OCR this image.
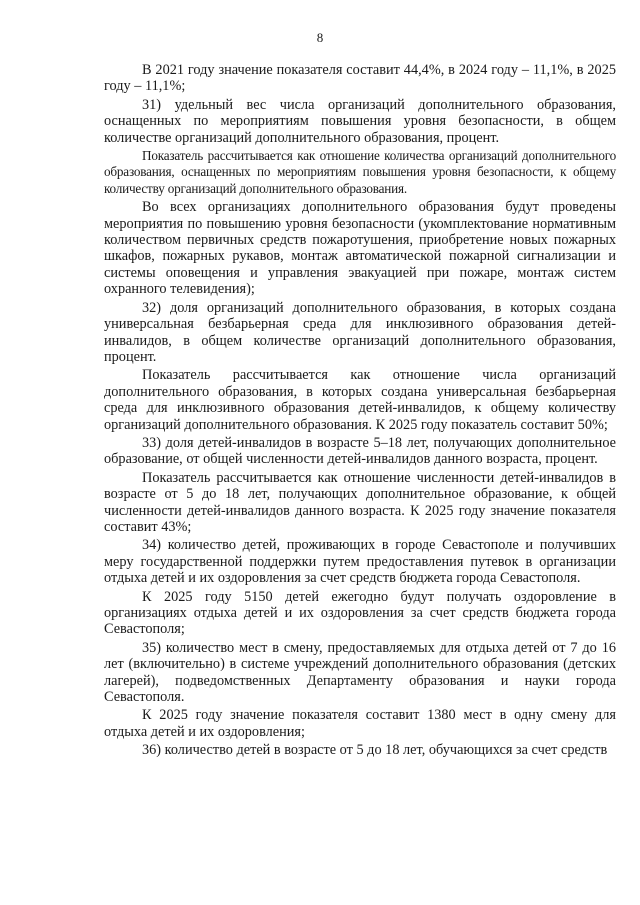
8

В 2021 году значение показателя составит 44,4%, в 2024 году – 11,1%, в 2025 году – 11,1%;

31) удельный вес числа организаций дополнительного образования, оснащенных по мероприятиям повышения уровня безопасности, в общем количестве организаций дополнительного образования, процент.

Показатель рассчитывается как отношение количества организаций дополнительного образования, оснащенных по мероприятиям повышения уровня безопасности, к общему количеству организаций дополнительного образования.

Во всех организациях дополнительного образования будут проведены мероприятия по повышению уровня безопасности (укомплектование нормативным количеством первичных средств пожаротушения, приобретение новых пожарных шкафов, пожарных рукавов, монтаж автоматической пожарной сигнализации и системы оповещения и управления эвакуацией при пожаре, монтаж систем охранного телевидения);

32) доля организаций дополнительного образования, в которых создана универсальная безбарьерная среда для инклюзивного образования детей-инвалидов, в общем количестве организаций дополнительного образования, процент.

Показатель рассчитывается как отношение числа организаций дополнительного образования, в которых создана универсальная безбарьерная среда для инклюзивного образования детей-инвалидов, к общему количеству организаций дополнительного образования. К 2025 году показатель составит 50%;

33) доля детей-инвалидов в возрасте 5–18 лет, получающих дополнительное образование, от общей численности детей-инвалидов данного возраста, процент.

Показатель рассчитывается как отношение численности детей-инвалидов в возрасте от 5 до 18 лет, получающих дополнительное образование, к общей численности детей-инвалидов данного возраста. К 2025 году значение показателя составит 43%;

34) количество детей, проживающих в городе Севастополе и получивших меру государственной поддержки путем предоставления путевок в организации отдыха детей и их оздоровления за счет средств бюджета города Севастополя.

К 2025 году 5150 детей ежегодно будут получать оздоровление в организациях отдыха детей и их оздоровления за счет средств бюджета города Севастополя;

35) количество мест в смену, предоставляемых для отдыха детей от 7 до 16 лет (включительно) в системе учреждений дополнительного образования (детских лагерей), подведомственных Департаменту образования и науки города Севастополя.

К 2025 году значение показателя составит 1380 мест в одну смену для отдыха детей и их оздоровления;

36) количество детей в возрасте от 5 до 18 лет, обучающихся за счет средств
